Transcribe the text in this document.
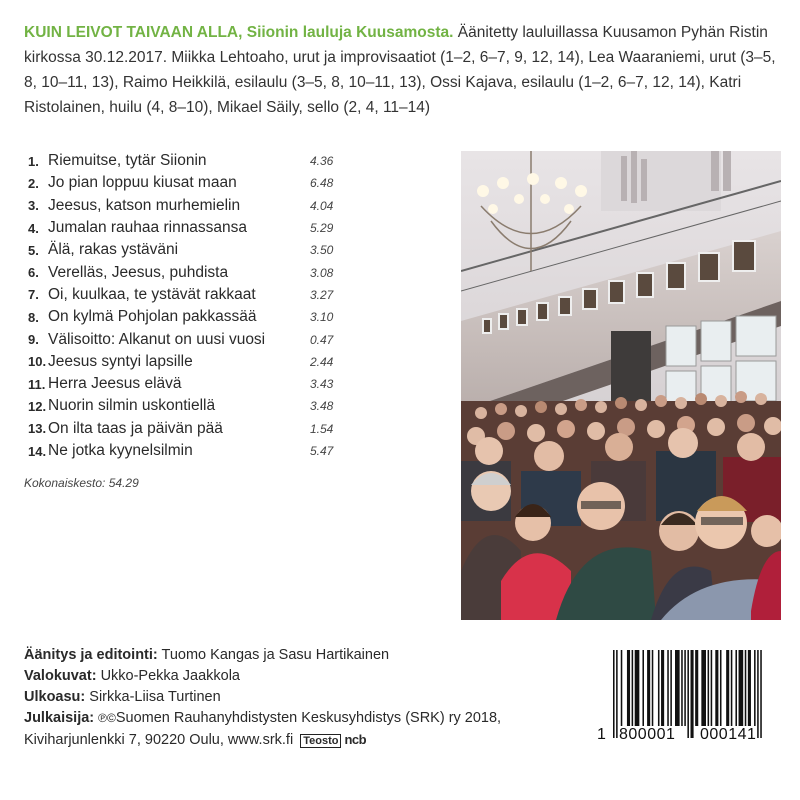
KUIN LEIVOT TAIVAAN ALLA, Siionin lauluja Kuusamosta. Äänitetty lauluillassa Kuusamon Pyhän Ristin kirkossa 30.12.2017. Miikka Lehtoaho, urut ja improvisaatiot (1–2, 6–7, 9, 12, 14), Lea Waaraniemi, urut (3–5, 8, 10–11, 13), Raimo Heikkilä, esilaulu (3–5, 8, 10–11, 13), Ossi Kajava, esilaulu (1–2, 6–7, 12, 14), Katri Ristolainen, huilu (4, 8–10), Mikael Säily, sello (2, 4, 11–14)
1. Riemuitse, tytär Siionin	4.36
2. Jo pian loppuu kiusat maan	6.48
3. Jeesus, katson murhemielin	4.04
4. Jumalan rauhaa rinnassansa	5.29
5. Älä, rakas ystäväni	3.50
6. Verelläs, Jeesus, puhdista	3.08
7. Oi, kuulkaa, te ystävät rakkaat	3.27
8. On kylmä Pohjolan pakkassää	3.10
9. Välisoitto: Alkanut on uusi vuosi	0.47
10. Jeesus syntyi lapsille	2.44
11. Herra Jeesus elävä	3.43
12. Nuorin silmin uskontiellä	3.48
13. On ilta taas ja päivän pää	1.54
14. Ne jotka kyynelsilmin	5.47
Kokonaiskesto: 54.29
Äänitys ja editointi: Tuomo Kangas ja Sasu Hartikainen
Valokuvat: Ukko-Pekka Jaakkola
Ulkoasu: Sirkka-Liisa Turtinen
Julkaisija: ℗©Suomen Rauhanyhdistysten Keskusyhdistys (SRK) ry 2018,
Kiviharjunlenkki 7, 90220 Oulu, www.srk.fi Teosto ncb	1 800001 000141
